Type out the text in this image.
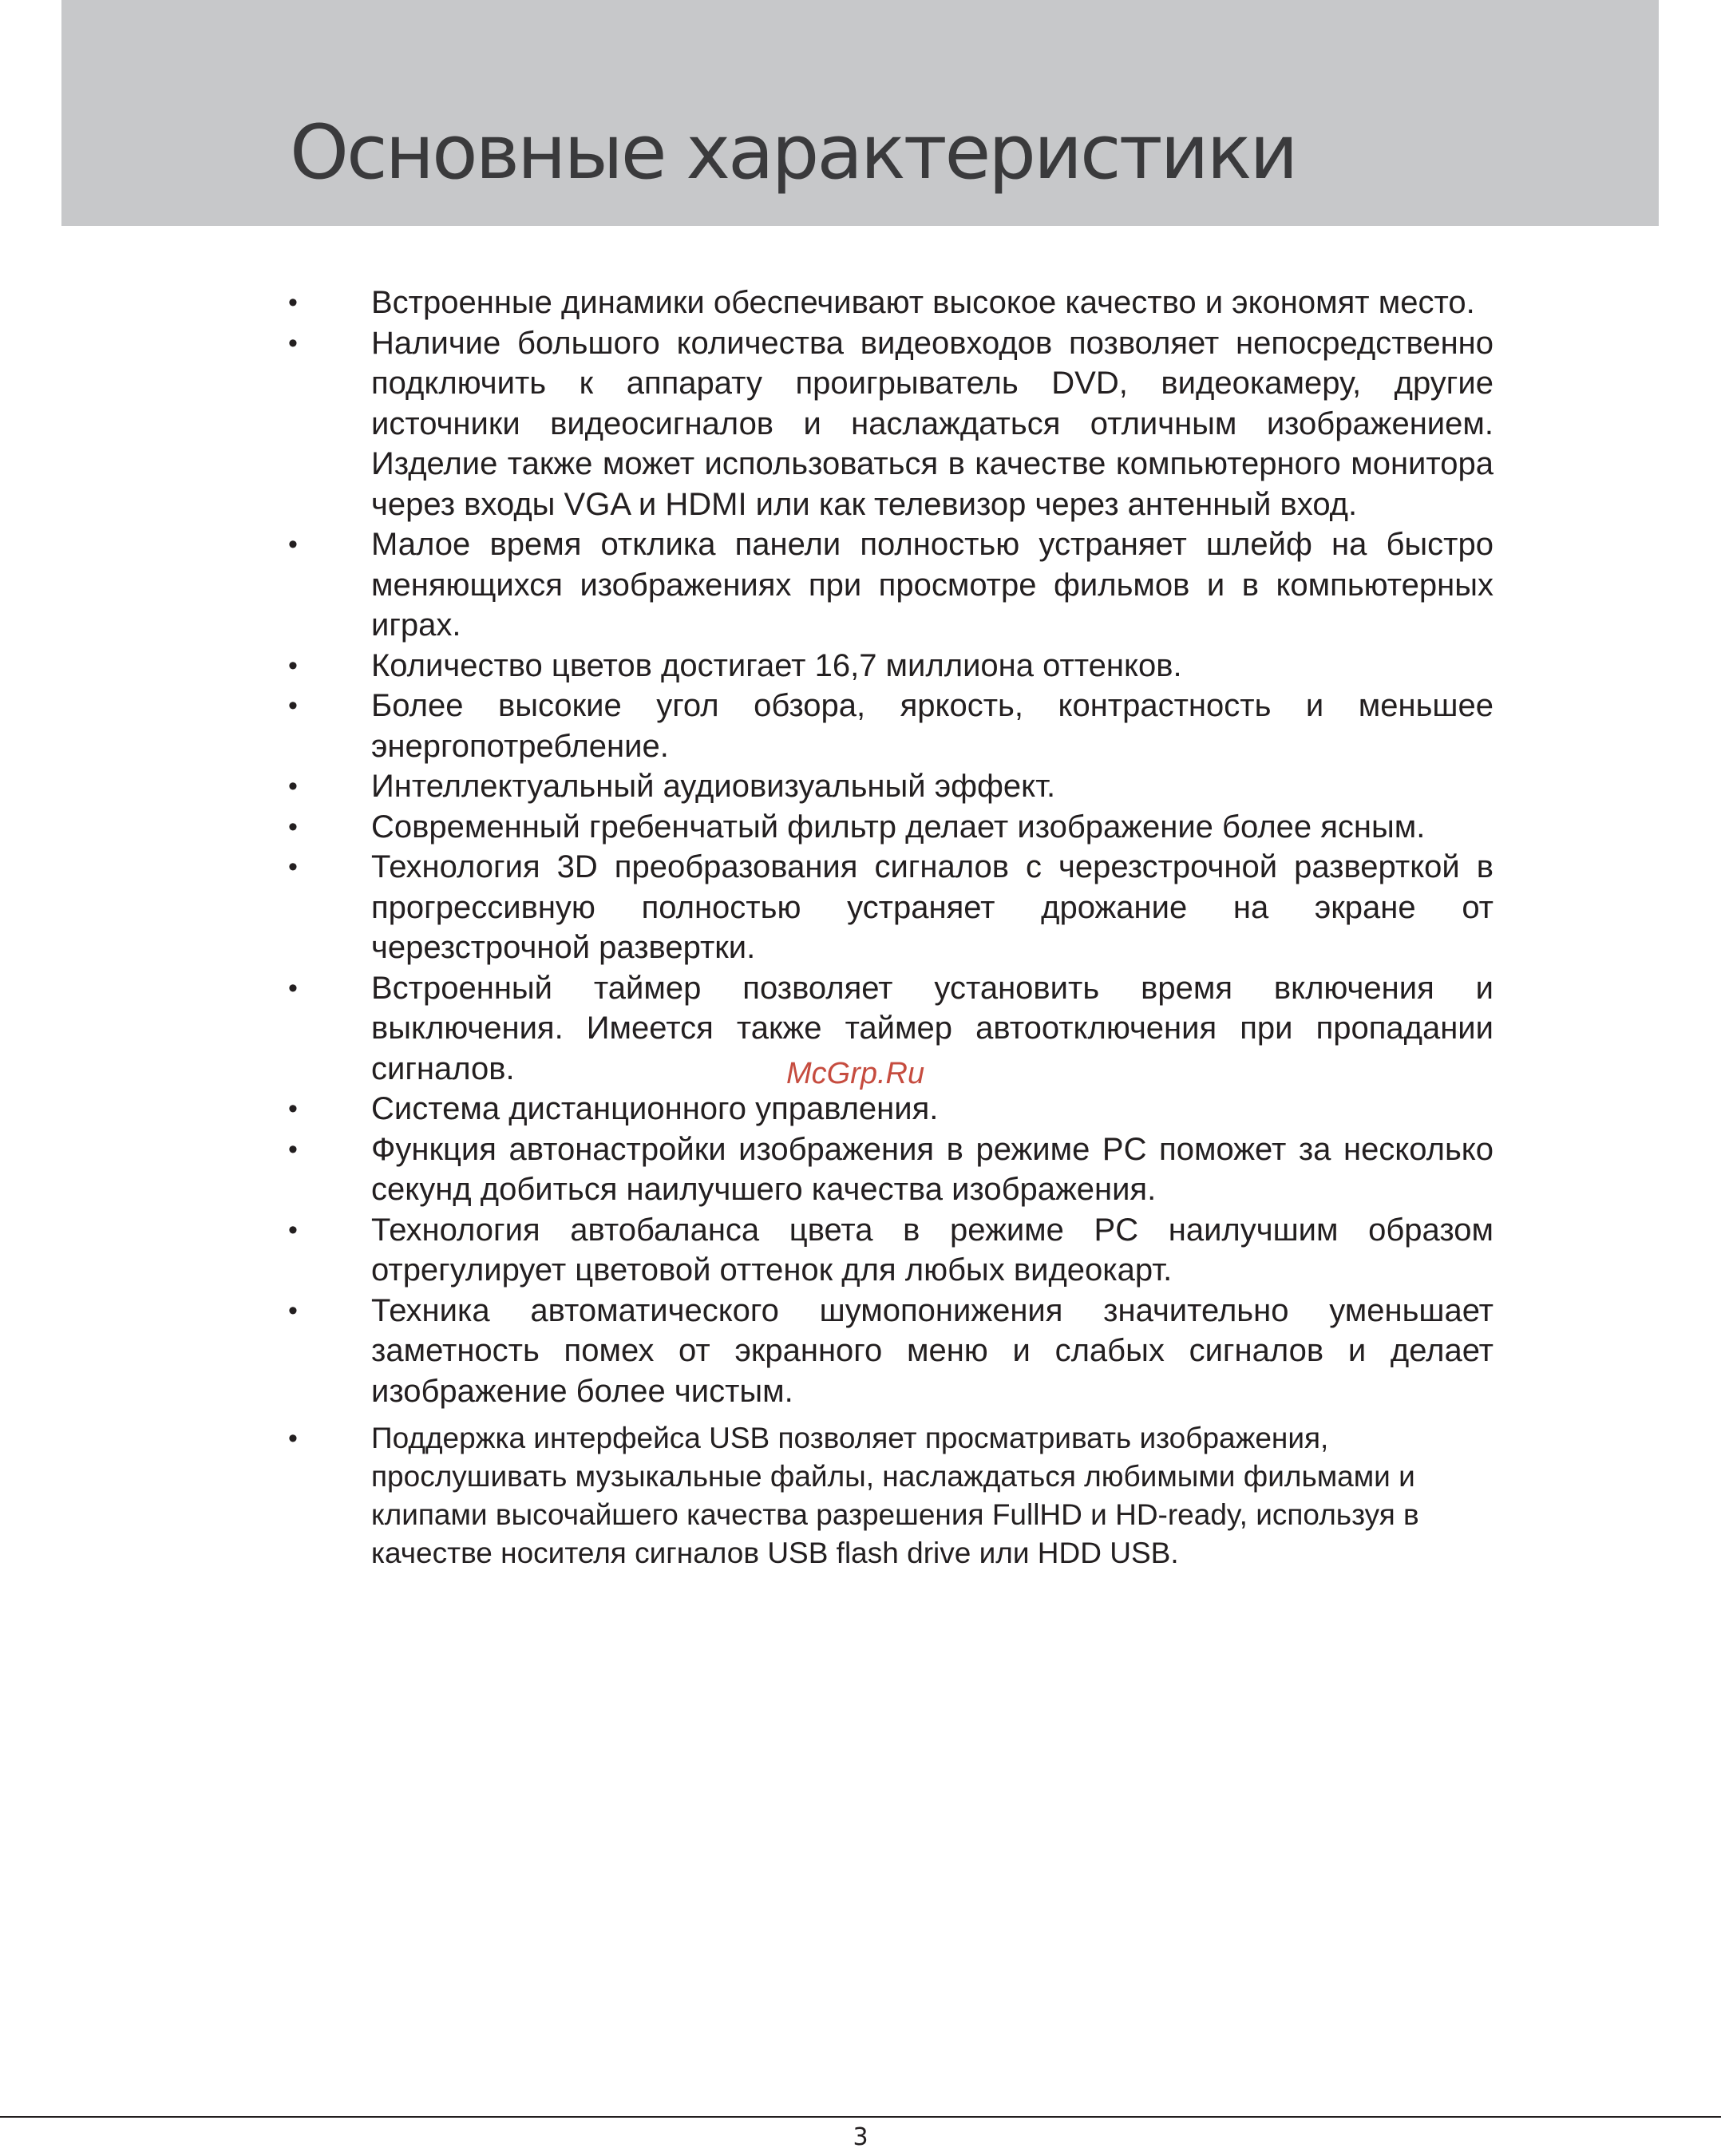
Основные характеристики
• Встроенные динамики обеспечивают высокое качество и экономят место.
• Наличие большого количества видеовходов позволяет непосредственно подключить к аппарату проигрыватель DVD, видеокамеру, другие источники видеосигналов и наслаждаться отличным изображением. Изделие также может использоваться в качестве компьютерного монитора через входы VGA и HDMI или как телевизор через антенный вход.
• Малое время отклика панели полностью устраняет шлейф на быстро меняющихся изображениях при просмотре фильмов и в компьютерных играх.
• Количество цветов достигает 16,7 миллиона оттенков.
• Более высокие угол обзора, яркость, контрастность и меньшее энергопотребление.
• Интеллектуальный аудиовизуальный эффект.
• Современный гребенчатый фильтр делает изображение более ясным.
• Технология 3D преобразования сигналов с черезстрочной разверткой в прогрессивную полностью устраняет дрожание на экране от черезстрочной развертки.
• Встроенный таймер позволяет установить время включения и выключения. Имеется также таймер автоотключения при пропадании сигналов.
• Система дистанционного управления.
• Функция автонастройки изображения в режиме PC поможет за несколько секунд добиться наилучшего качества изображения.
• Технология автобаланса цвета в режиме PC наилучшим образом отрегулирует цветовой оттенок для любых видеокарт.
• Техника автоматического шумопонижения значительно уменьшает заметность помех от экранного меню и слабых сигналов и делает изображение более чистым.
• Поддержка интерфейса USB позволяет просматривать изображения, прослушивать музыкальные файлы, наслаждаться любимыми фильмами и клипами высочайшего качества разрешения FullHD и HD-ready, используя в качестве носителя сигналов USB flash drive или HDD USB.
McGrp.Ru
3
